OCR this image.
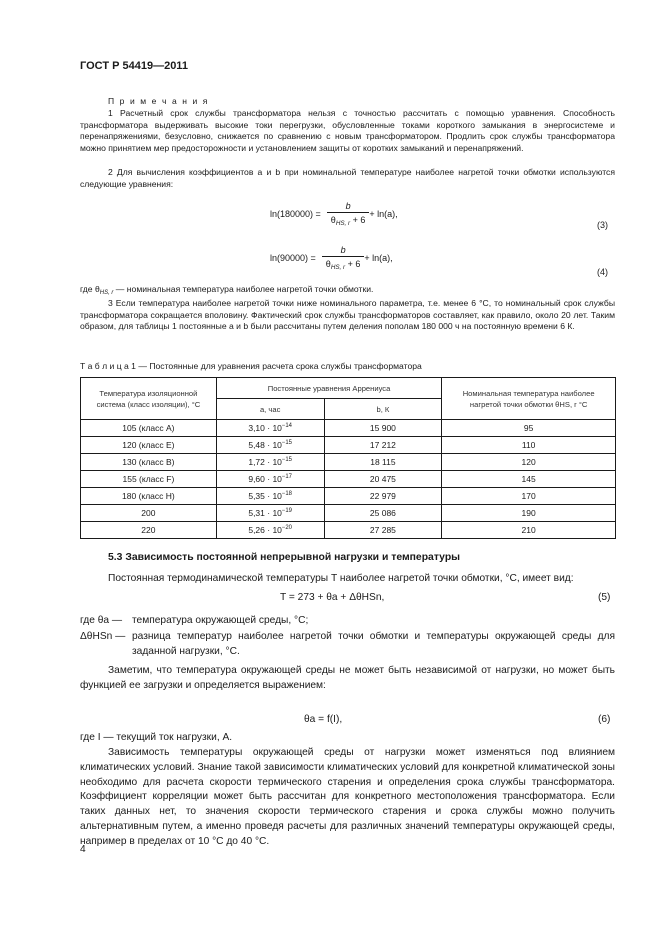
ГОСТ Р 54419—2011
П р и м е ч а н и я

1 Расчетный срок службы трансформатора нельзя с точностью рассчитать с помощью уравнения. Способность трансформатора выдерживать высокие токи перегрузки, обусловленные токами короткого замыкания в энергосистеме и перенапряжениями, безусловно, снижается по сравнению с новым трансформатором. Продлить срок службы трансформатора можно принятием мер предосторожности и установлением защиты от коротких замыканий и перенапряжений.

2 Для вычисления коэффициентов a и b при номинальной температуре наиболее нагретой точки обмотки используются следующие уравнения:

$\ln(180000) = \frac{b}{\theta_{HS, r} + 6} + \ln(a)$,
(3)
$\ln(90000) = \frac{b}{\theta_{HS, r} + 6} + \ln(a)$,
(4)
где $\theta_{HS, r}$ — номинальная температура наиболее нагретой точки обмотки.

3 Если температура наиболее нагретой точки ниже номинального параметра, т.е. менее 6 °C, то номинальный срок службы трансформатора сокращается вполовину. Фактический срок службы трансформаторов составляет, как правило, около 20 лет. Таким образом, для таблицы 1 постоянные a и b были рассчитаны путем деления пополам 180 000 ч на постоянную времени 6 К.

Т а б л и ц а 1 — Постоянные для уравнения расчета срока службы трансформатора
Температура изоляционной система (класс изоляции), °C	Постоянные уравнения Аррениуса		Номинальная температура наиболее нагретой точки обмотки θHS, r °C
	a, час	b, К	
105 (класс А)	$3,10 \cdot 10^{-14}$	15 900	95
120 (класс Е)	$5,48 \cdot 10^{-15}$	17 212	110
130 (класс В)	$1,72 \cdot 10^{-15}$	18 115	120
155 (класс F)	$9,60 \cdot 10^{-17}$	20 475	145
180 (класс Н)	$5,35 \cdot 10^{-18}$	22 979	170
200	$5,31 \cdot 10^{-19}$	25 086	190
220	$5,26 \cdot 10^{-20}$	27 285	210
5.3 Зависимость постоянной непрерывной нагрузки и температуры

Постоянная термодинамической температуры T наиболее нагретой точки обмотки, °C, имеет вид:

T = 273 + θa + ΔθHSn,	(5)
где θa — температура окружающей среды, °C;
ΔθHSn — разница температур наиболее нагретой точки обмотки и температуры окружающей среды для заданной нагрузки, °C.

Заметим, что температура окружающей среды не может быть независимой от нагрузки, но может быть функцией ее загрузки и определяется выражением:

θa = f(I),	(6)
где I — текущий ток нагрузки, А.

Зависимость температуры окружающей среды от нагрузки может изменяться под влиянием климатических условий. Знание такой зависимости климатических условий для конкретной климатической зоны необходимо для расчета скорости термического старения и определения срока службы трансформатора. Коэффициент корреляции может быть рассчитан для конкретного местоположения трансформатора. Если таких данных нет, то значения скорости термического старения и срока службы можно получить альтернативным путем, а именно проведя расчеты для различных значений температуры окружающей среды, например в пределах от 10 °C до 40 °C.

4
